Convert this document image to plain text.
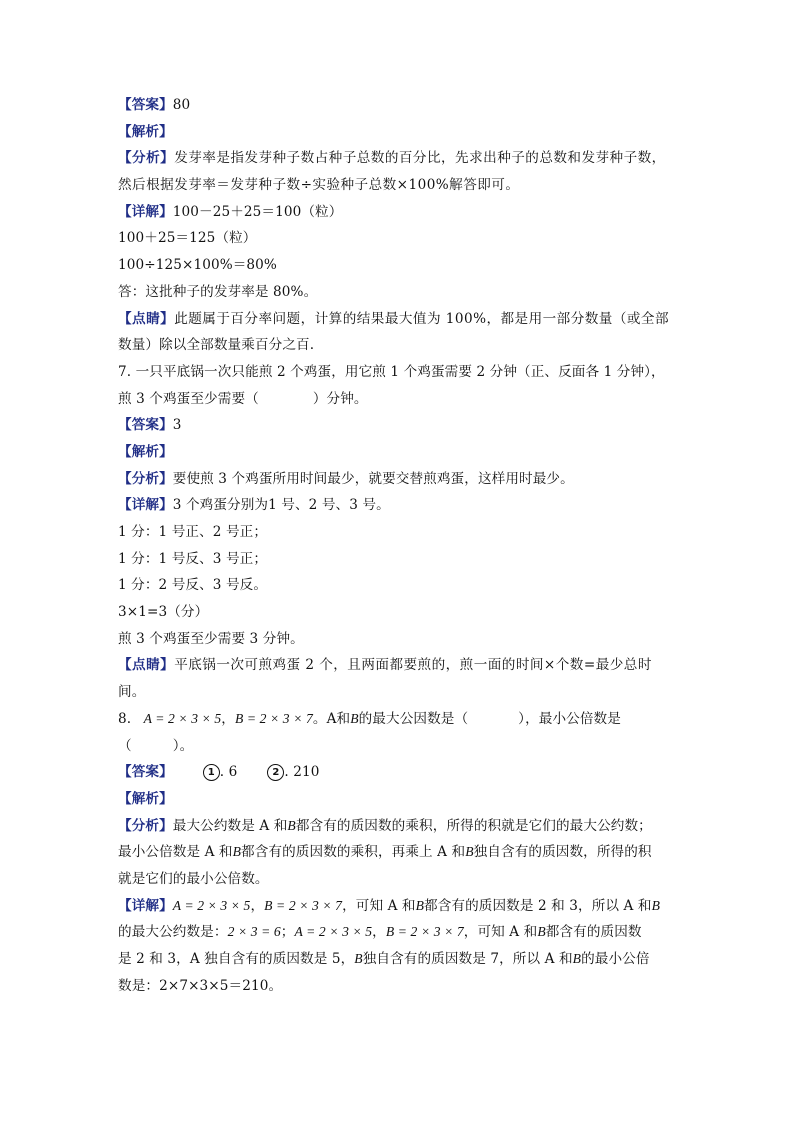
【答案】80
【解析】
【分析】发芽率是指发芽种子数占种子总数的百分比，先求出种子的总数和发芽种子数，
然后根据发芽率＝发芽种子数÷实验种子总数×100%解答即可。
【详解】100－25＋25＝100（粒）
100＋25＝125（粒）
100÷125×100%＝80%
答：这批种子的发芽率是 80%。
【点睛】此题属于百分率问题，计算的结果最大值为 100%，都是用一部分数量（或全部
数量）除以全部数量乘百分之百.
7. 一只平底锅一次只能煎 2 个鸡蛋，用它煎 1 个鸡蛋需要 2 分钟（正、反面各 1 分钟），
煎 3 个鸡蛋至少需要（	）分钟。
【答案】3
【解析】
【分析】要使煎 3 个鸡蛋所用时间最少，就要交替煎鸡蛋，这样用时最少。
【详解】3 个鸡蛋分别为1 号、2 号、3 号。
1 分：1 号正、2 号正；
1 分：1 号反、3 号正；
1 分：2 号反、3 号反。
3×1=3（分）
煎 3 个鸡蛋至少需要 3 分钟。
【点睛】平底锅一次可煎鸡蛋 2 个，且两面都要煎的，煎一面的时间×个数=最少总时
间。
8. A = 2 × 3 × 5，B = 2 × 3 × 7。A和B的最大公因数是（	），最小公倍数是
（　　　）。
【答案】	1 . 6	2 . 210
【解析】
【分析】最大公约数是 A 和B都含有的质因数的乘积，所得的积就是它们的最大公约数；
最小公倍数是 A 和B都含有的质因数的乘积，再乘上 A 和B独自含有的质因数，所得的积
就是它们的最小公倍数。
【详解】A = 2 × 3 × 5，B = 2 × 3 × 7，可知 A 和B都含有的质因数是 2 和 3，所以 A 和B
的最大公约数是：2 × 3 = 6；A = 2 × 3 × 5，B = 2 × 3 × 7，可知 A 和B都含有的质因数
是 2 和 3，A 独自含有的质因数是 5，B独自含有的质因数是 7，所以 A 和B的最小公倍
数是：2×7×3×5＝210。
